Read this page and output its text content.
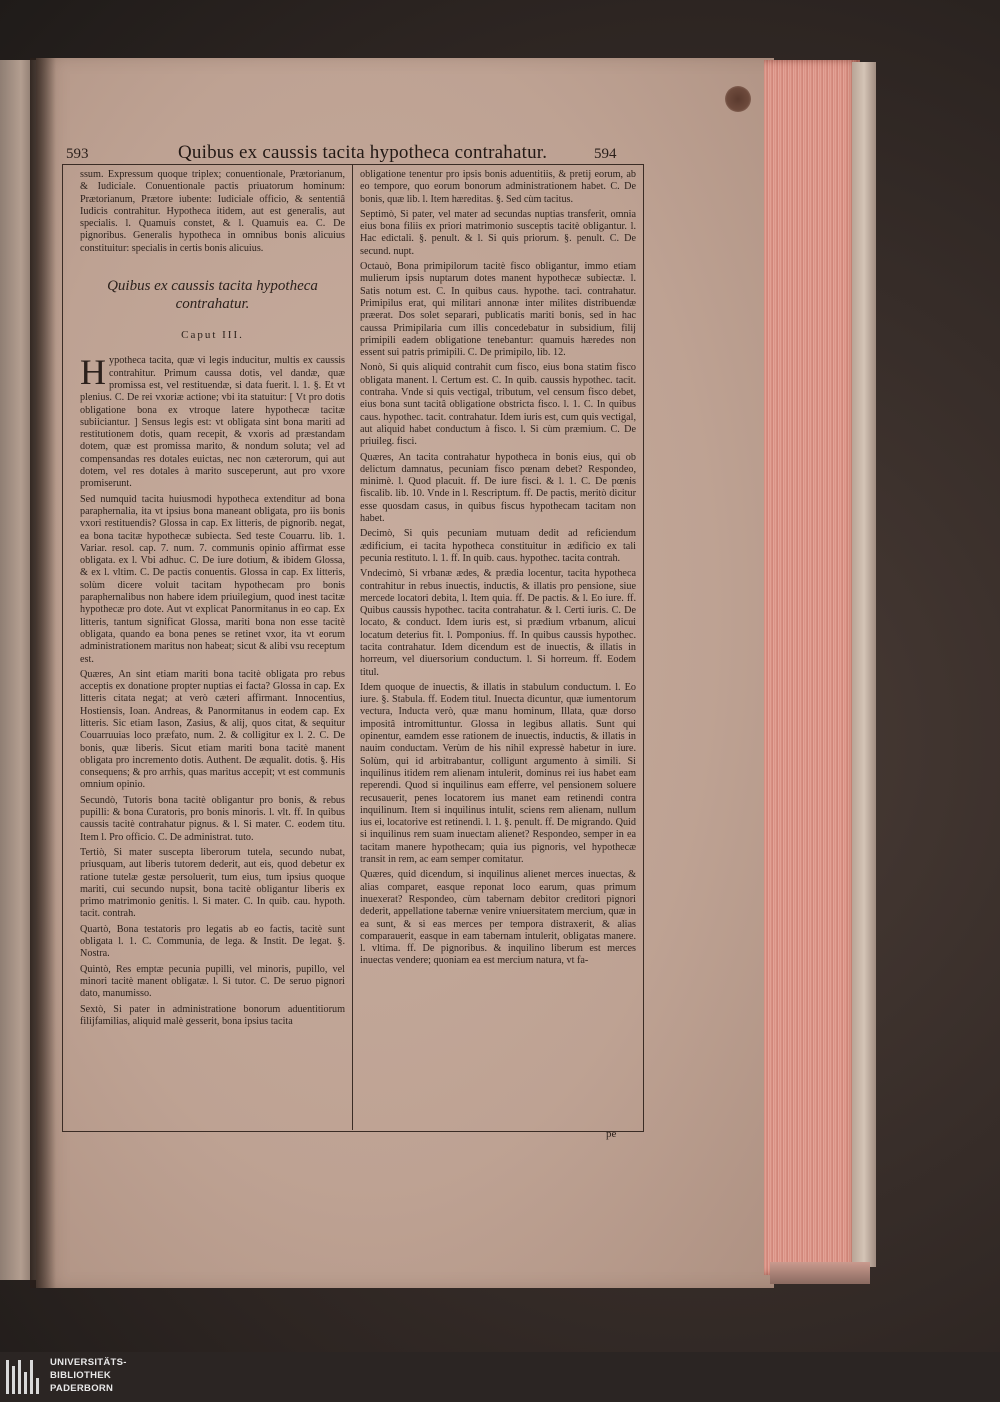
593	Quibus ex caussis tacita hypotheca contrahatur.	594

ssum. Expressum quoque triplex; conuentionale, Prætorianum, & Iudiciale. Conuentionale pactis priuatorum hominum: Prætorianum, Prætore iubente: Iudiciale officio, & sententiâ Iudicis contrahitur. Hypotheca itidem, aut est generalis, aut specialis. l. Quamuis constet, & l. Quamuis ea. C. De pignoribus. Generalis hypotheca in omnibus bonis alicuius constituitur: specialis in certis bonis alicuius.

Quibus ex caussis tacita hypotheca contrahatur.
Caput III.

Hypotheca tacita, quæ vi legis inducitur, multis ex caussis contrahitur. Primum caussa dotis, vel dandæ, quæ promissa est, vel restituendæ, si data fuerit. l. 1. §. Et vt plenius. C. De rei vxoriæ actione; vbi ita statuitur: [ Vt pro dotis obligatione bona ex vtroque latere hypothecæ tacitæ subiiciantur. ] Sensus legis est: vt obligata sint bona mariti ad restitutionem dotis, quam recepit, & vxoris ad præstandam dotem, quæ est promissa marito, & nondum soluta; vel ad compensandas res dotales euictas, nec non cæterorum, qui aut dotem, vel res dotales à marito susceperunt, aut pro vxore promiserunt.

Sed numquid tacita huiusmodi hypotheca extenditur ad bona paraphernalia, ita vt ipsius bona maneant obligata, pro iis bonis vxori restituendis? Glossa in cap. Ex litteris, de pignorib. negat, ea bona tacitæ hypothecæ subiecta. Sed teste Couarru. lib. 1. Variar. resol. cap. 7. num. 7. communis opinio affirmat esse obligata. ex l. Vbi adhuc. C. De iure dotium, & ibidem Glossa, & ex l. vltim. C. De pactis conuentis. Glossa in cap. Ex litteris, solùm dicere voluit tacitam hypothecam pro bonis paraphernalibus non habere idem priuilegium, quod inest tacitæ hypothecæ pro dote. Aut vt explicat Panormitanus in eo cap. Ex litteris, tantum significat Glossa, mariti bona non esse tacitè obligata, quando ea bona penes se retinet vxor, ita vt eorum administrationem maritus non habeat; sicut & alibi vsu receptum est.

Quæres, An sint etiam mariti bona tacitè obligata pro rebus acceptis ex donatione propter nuptias ei facta? Glossa in cap. Ex litteris citata negat; at verò cæteri affirmant. Innocentius, Hostiensis, Ioan. Andreas, & Panormitanus in eodem cap. Ex litteris. Sic etiam Iason, Zasius, & alij, quos citat, & sequitur Couarruuias loco præfato, num. 2. & colligitur ex l. 2. C. De bonis, quæ liberis. Sicut etiam mariti bona tacitè manent obligata pro incremento dotis. Authent. De æqualit. dotis. §. His consequens; & pro arrhis, quas maritus accepit; vt est communis omnium opinio.

Secundò, Tutoris bona tacitè obligantur pro bonis, & rebus pupilli: & bona Curatoris, pro bonis minoris. l. vlt. ff. In quibus caussis tacitè contrahatur pignus. & l. Si mater. C. eodem titu. Item l. Pro officio. C. De administrat. tuto.

Tertiò, Si mater suscepta liberorum tutela, secundo nubat, priusquam, aut liberis tutorem dederit, aut eis, quod debetur ex ratione tutelæ gestæ persoluerit, tum eius, tum ipsius quoque mariti, cui secundo nupsit, bona tacitè obligantur liberis ex primo matrimonio genitis. l. Si mater. C. In quib. cau. hypoth. tacit. contrah.

Quartò, Bona testatoris pro legatis ab eo factis, tacitè sunt obligata l. 1. C. Communia, de lega. & Instit. De legat. §. Nostra.

Quintò, Res emptæ pecunia pupilli, vel minoris, pupillo, vel minori tacitè manent obligatæ. l. Si tutor. C. De seruo pignori dato, manumisso.

Sextò, Si pater in administratione bonorum aduentitiorum filijfamilias, aliquid malè gesserit, bona ipsius tacita

obligatione tenentur pro ipsis bonis aduentitiis, & pretij eorum, ab eo tempore, quo eorum bonorum administrationem habet. C. De bonis, quæ lib. l. Item hæreditas. §. Sed cùm tacitus.

Septimò, Si pater, vel mater ad secundas nuptias transferit, omnia eius bona filiis ex priori matrimonio susceptis tacitè obligantur. l. Hac edictali. §. penult. & l. Si quis priorum. §. penult. C. De secund. nupt.

Octauò, Bona primipilorum tacitè fisco obligantur, immo etiam mulierum ipsis nuptarum dotes manent hypothecæ subiectæ. l. Satis notum est. C. In quibus caus. hypothe. taci. contrahatur. Primipilus erat, qui militari annonæ inter milites distribuendæ præerat. Dos solet separari, publicatis mariti bonis, sed in hac caussa Primipilaria cum illis concedebatur in subsidium, filij primipili eadem obligatione tenebantur: quamuis hæredes non essent sui patris primipili. C. De primipilo, lib. 12.

Nonò, Si quis aliquid contrahit cum fisco, eius bona statim fisco obligata manent. l. Certum est. C. In quib. caussis hypothec. tacit. contraha. Vnde si quis vectigal, tributum, vel censum fisco debet, eius bona sunt tacitâ obligatione obstricta fisco. l. 1. C. In quibus caus. hypothec. tacit. contrahatur. Idem iuris est, cum quis vectigal, aut aliquid habet conductum à fisco. l. Si cùm præmium. C. De priuileg. fisci.

Quæres, An tacita contrahatur hypotheca in bonis eius, qui ob delictum damnatus, pecuniam fisco pœnam debet? Respondeo, minimè. l. Quod placuit. ff. De iure fisci. & l. 1. C. De pœnis fiscalib. lib. 10. Vnde in l. Rescriptum. ff. De pactis, meritò dicitur esse quosdam casus, in quibus fiscus hypothecam tacitam non habet.

Decimò, Si quis pecuniam mutuam dedit ad reficiendum ædificium, ei tacita hypotheca constituitur in ædificio ex tali pecunia restituto. l. 1. ff. In quib. caus. hypothec. tacita contrah.

Vndecimò, Si vrbanæ ædes, & prædia locentur, tacita hypotheca contrahitur in rebus inuectis, inductis, & illatis pro pensione, siue mercede locatori debita, l. Item quia. ff. De pactis. & l. Eo iure. ff. Quibus caussis hypothec. tacita contrahatur. & l. Certi iuris. C. De locato, & conduct. Idem iuris est, si prædium vrbanum, alicui locatum deterius fit. l. Pomponius. ff. In quibus caussis hypothec. tacita contrahatur. Idem dicendum est de inuectis, & illatis in horreum, vel diuersorium conductum. l. Si horreum. ff. Eodem titul.

Idem quoque de inuectis, & illatis in stabulum conductum. l. Eo iure. §. Stabula. ff. Eodem titul. Inuecta dicuntur, quæ iumentorum vectura, Inducta verò, quæ manu hominum, Illata, quæ dorso impositâ intromittuntur. Glossa in legibus allatis. Sunt qui opinentur, eamdem esse rationem de inuectis, inductis, & illatis in nauim conductam. Verùm de his nihil expressè habetur in iure. Solùm, qui id arbitrabantur, colligunt argumento à simili. Si inquilinus itidem rem alienam intulerit, dominus rei ius habet eam reperendi. Quod si inquilinus eam efferre, vel pensionem soluere recusauerit, penes locatorem ius manet eam retinendi contra inquilinum. Item si inquilinus intulit, sciens rem alienam, nullum ius ei, locatorive est retinendi. l. 1. §. penult. ff. De migrando. Quid si inquilinus rem suam inuectam alienet? Respondeo, semper in ea tacitam manere hypothecam; quia ius pignoris, vel hypothecæ transit in rem, ac eam semper comitatur.

Quæres, quid dicendum, si inquilinus alienet merces inuectas, & alias comparet, easque reponat loco earum, quas primum inuexerat? Respondeo, cùm tabernam debitor creditori pignori dederit, appellatione tabernæ venire vniuersitatem mercium, quæ in ea sunt, & si eas merces per tempora distraxerit, & alias comparauerit, easque in eam tabernam intulerit, obligatas manere. l. vltima. ff. De pignoribus. & inquilino liberum est merces inuectas vendere; quoniam ea est mercium natura, vt fa-

pe
UNIVERSITÄTS-
BIBLIOTHEK
PADERBORN
